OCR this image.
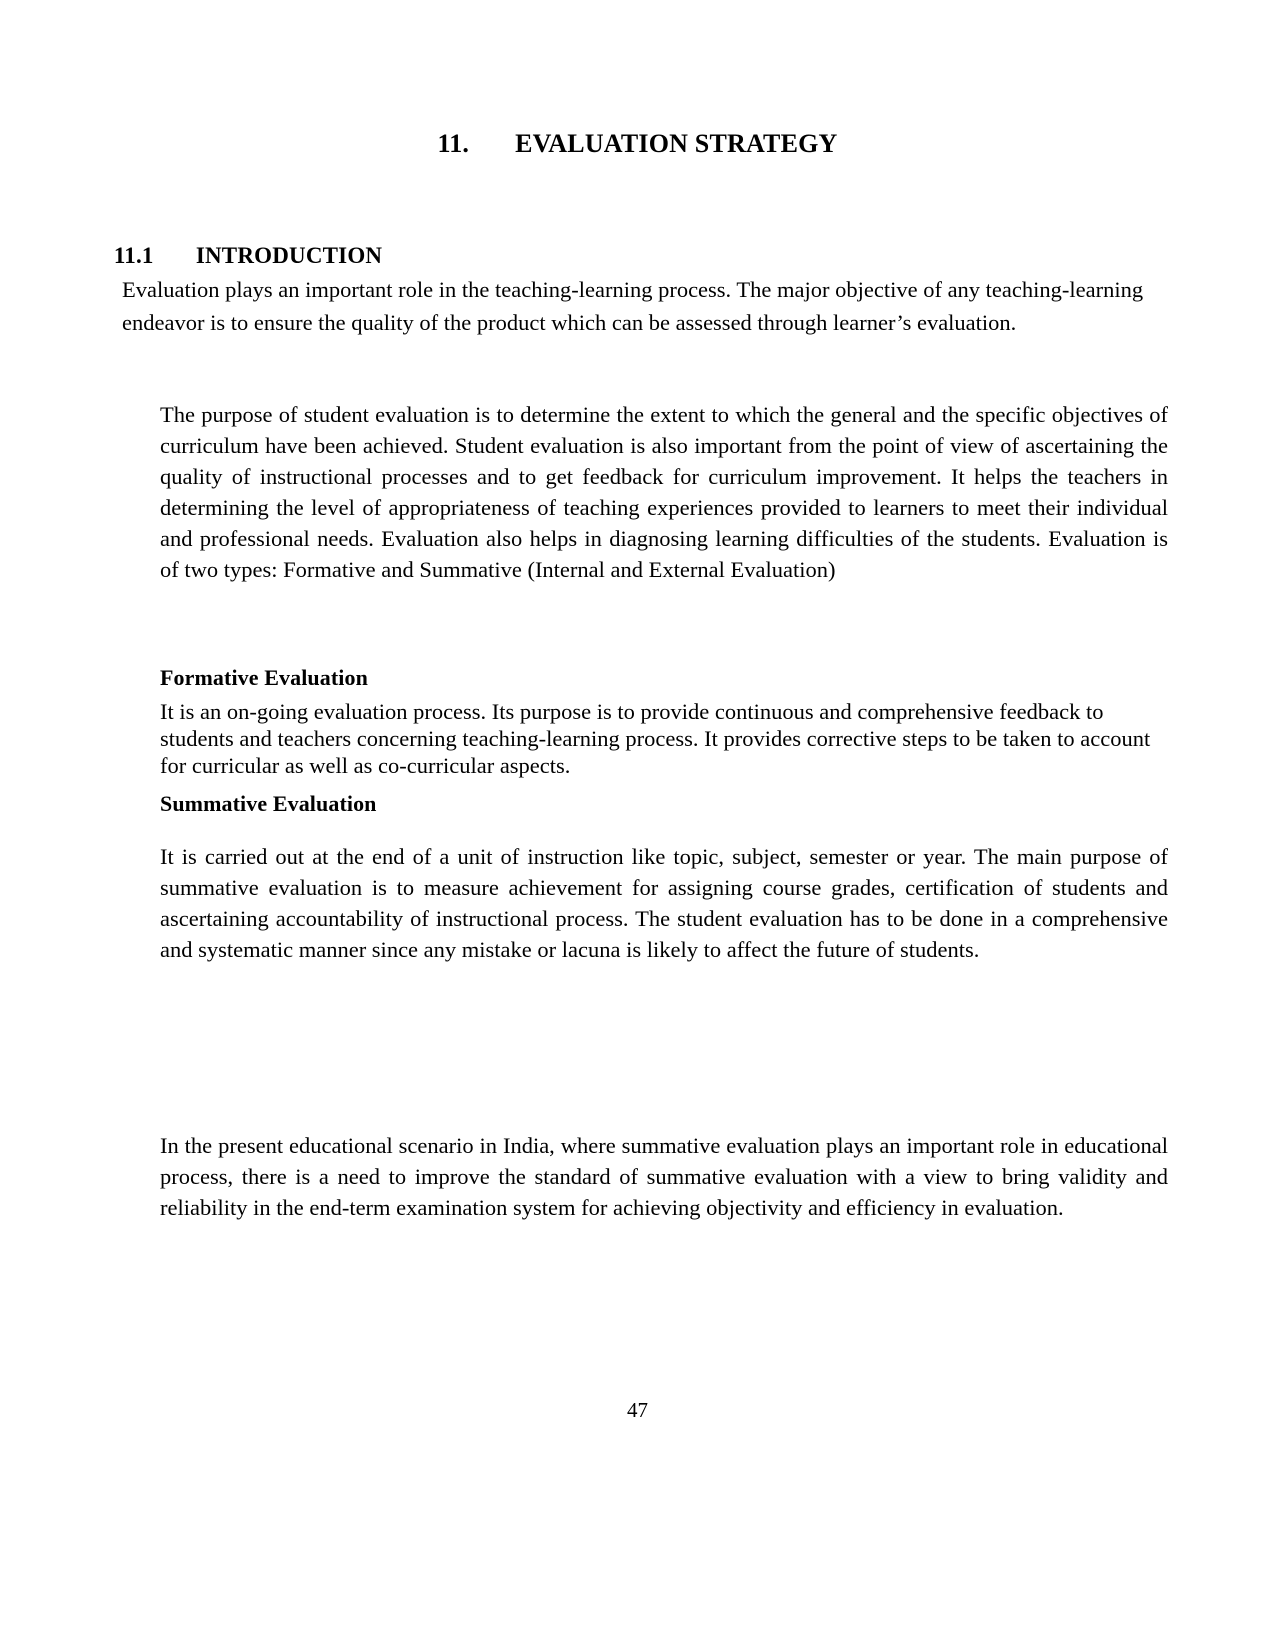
11. EVALUATION STRATEGY

11.1 INTRODUCTION

Evaluation plays an important role in the teaching-learning process. The major objective of any teaching-learning endeavor is to ensure the quality of the product which can be assessed through learner’s evaluation.

The purpose of student evaluation is to determine the extent to which the general and the specific objectives of curriculum have been achieved. Student evaluation is also important from the point of view of ascertaining the quality of instructional processes and to get feedback for curriculum improvement. It helps the teachers in determining the level of appropriateness of teaching experiences provided to learners to meet their individual and professional needs. Evaluation also helps in diagnosing learning difficulties of the students. Evaluation is of two types: Formative and Summative (Internal and External Evaluation)

Formative Evaluation

It is an on-going evaluation process. Its purpose is to provide continuous and comprehensive feedback to students and teachers concerning teaching-learning process. It provides corrective steps to be taken to account for curricular as well as co-curricular aspects.

Summative Evaluation

It is carried out at the end of a unit of instruction like topic, subject, semester or year. The main purpose of summative evaluation is to measure achievement for assigning course grades, certification of students and ascertaining accountability of instructional process. The student evaluation has to be done in a comprehensive and systematic manner since any mistake or lacuna is likely to affect the future of students.

In the present educational scenario in India, where summative evaluation plays an important role in educational process, there is a need to improve the standard of summative evaluation with a view to bring validity and reliability in the end-term examination system for achieving objectivity and efficiency in evaluation.

47
